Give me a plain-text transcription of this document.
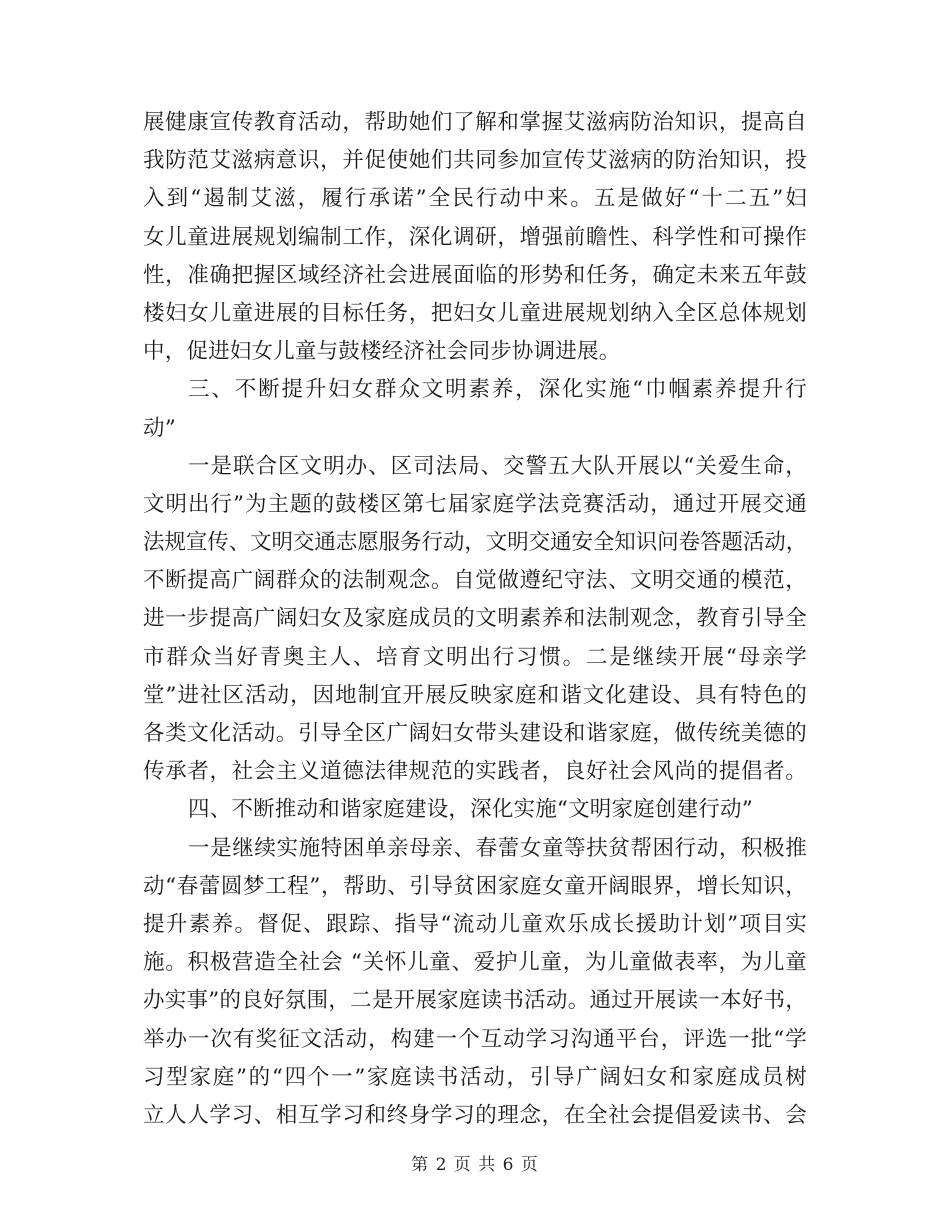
展健康宣传教育活动，帮助她们了解和掌握艾滋病防治知识，提高自
我防范艾滋病意识，并促使她们共同参加宣传艾滋病的防治知识，投
入到“遏制艾滋，履行承诺”全民行动中来。五是做好“十二五”妇
女儿童进展规划编制工作，深化调研，增强前瞻性、科学性和可操作
性，准确把握区域经济社会进展面临的形势和任务，确定未来五年鼓
楼妇女儿童进展的目标任务，把妇女儿童进展规划纳入全区总体规划
中，促进妇女儿童与鼓楼经济社会同步协调进展。
三、不断提升妇女群众文明素养，深化实施“巾帼素养提升行
动”
一是联合区文明办、区司法局、交警五大队开展以“关爱生命，
文明出行”为主题的鼓楼区第七届家庭学法竞赛活动，通过开展交通
法规宣传、文明交通志愿服务行动，文明交通安全知识问卷答题活动，
不断提高广阔群众的法制观念。自觉做遵纪守法、文明交通的模范，
进一步提高广阔妇女及家庭成员的文明素养和法制观念，教育引导全
市群众当好青奥主人、培育文明出行习惯。二是继续开展“母亲学
堂”进社区活动，因地制宜开展反映家庭和谐文化建设、具有特色的
各类文化活动。引导全区广阔妇女带头建设和谐家庭，做传统美德的
传承者，社会主义道德法律规范的实践者，良好社会风尚的提倡者。
四、不断推动和谐家庭建设，深化实施“文明家庭创建行动”
一是继续实施特困单亲母亲、春蕾女童等扶贫帮困行动，积极推
动“春蕾圆梦工程”，帮助、引导贫困家庭女童开阔眼界，增长知识，
提升素养。督促、跟踪、指导“流动儿童欢乐成长援助计划”项目实
施。积极营造全社会 “关怀儿童、爱护儿童，为儿童做表率，为儿童
办实事”的良好氛围，二是开展家庭读书活动。通过开展读一本好书，
举办一次有奖征文活动，构建一个互动学习沟通平台，评选一批“学
习型家庭”的“四个一”家庭读书活动，引导广阔妇女和家庭成员树
立人人学习、相互学习和终身学习的理念，在全社会提倡爱读书、会
第 2 页 共 6 页
